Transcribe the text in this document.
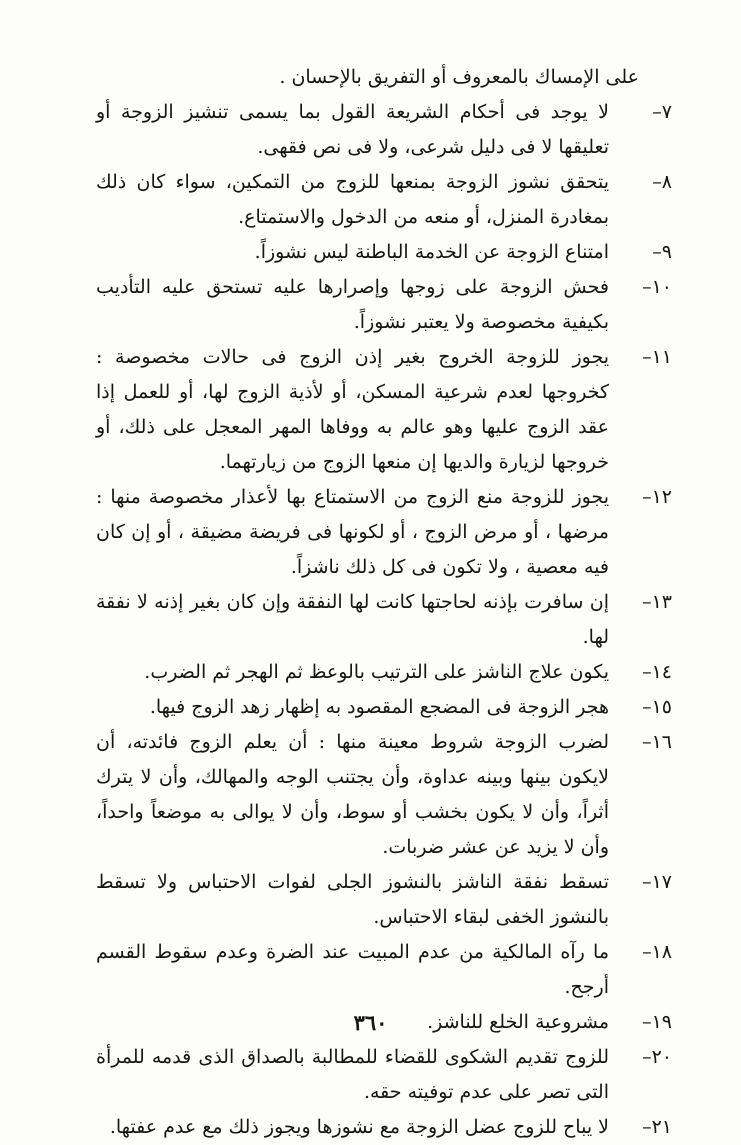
على الإمساك بالمعروف أو التفريق بالإحسان .

٧–
لا يوجد فى أحكام الشريعة القول بما يسمى تنشيز الزوجة أو تعليقها لا فى دليل شرعى، ولا فى نص فقهى.

٨–
يتحقق نشوز الزوجة بمنعها للزوج من التمكين، سواء كان ذلك بمغادرة المنزل، أو منعه من الدخول والاستمتاع.

٩–
امتناع الزوجة عن الخدمة الباطنة ليس نشوزاً.

١٠–
فحش الزوجة على زوجها وإصرارها عليه تستحق عليه التأديب بكيفية مخصوصة ولا يعتبر نشوزاً.

١١–
يجوز للزوجة الخروج بغير إذن الزوج فى حالات مخصوصة : كخروجها لعدم شرعية المسكن، أو لأذية الزوج لها، أو للعمل إذا عقد الزوج عليها وهو عالم به ووفاها المهر المعجل على ذلك، أو خروجها لزيارة والديها إن منعها الزوج من زيارتهما.

١٢–
يجوز للزوجة منع الزوج من الاستمتاع بها لأعذار مخصوصة منها : مرضها ، أو مرض الزوج ، أو لكونها فى فريضة مضيقة ، أو إن كان فيه معصية ، ولا تكون فى كل ذلك ناشزاً.

١٣–
إن سافرت بإذنه لحاجتها كانت لها النفقة وإن كان بغير إذنه لا نفقة لها.

١٤–
يكون علاج الناشز على الترتيب بالوعظ ثم الهجر ثم الضرب.

١٥–
هجر الزوجة فى المضجع المقصود به إظهار زهد الزوج فيها.

١٦–
لضرب الزوجة شروط معينة منها : أن يعلم الزوج فائدته، أن لايكون بينها وبينه عداوة، وأن يجتنب الوجه والمهالك، وأن لا يترك أثراً، وأن لا يكون بخشب أو سوط، وأن لا يوالى به موضعاً واحداً، وأن لا يزيد عن عشر ضربات.

١٧–
تسقط نفقة الناشز بالنشوز الجلى لفوات الاحتباس ولا تسقط بالنشوز الخفى لبقاء الاحتباس.

١٨–
ما رآه المالكية من عدم المبيت عند الضرة وعدم سقوط القسم أرجح.

١٩–
مشروعية الخلع للناشز.

٢٠–
للزوج تقديم الشكوى للقضاء للمطالبة بالصداق الذى قدمه للمرأة التى تصر على عدم توفيته حقه.

٢١–
لا يباح للزوج عضل الزوجة مع نشوزها ويجوز ذلك مع عدم عفتها.

٣٦٠
